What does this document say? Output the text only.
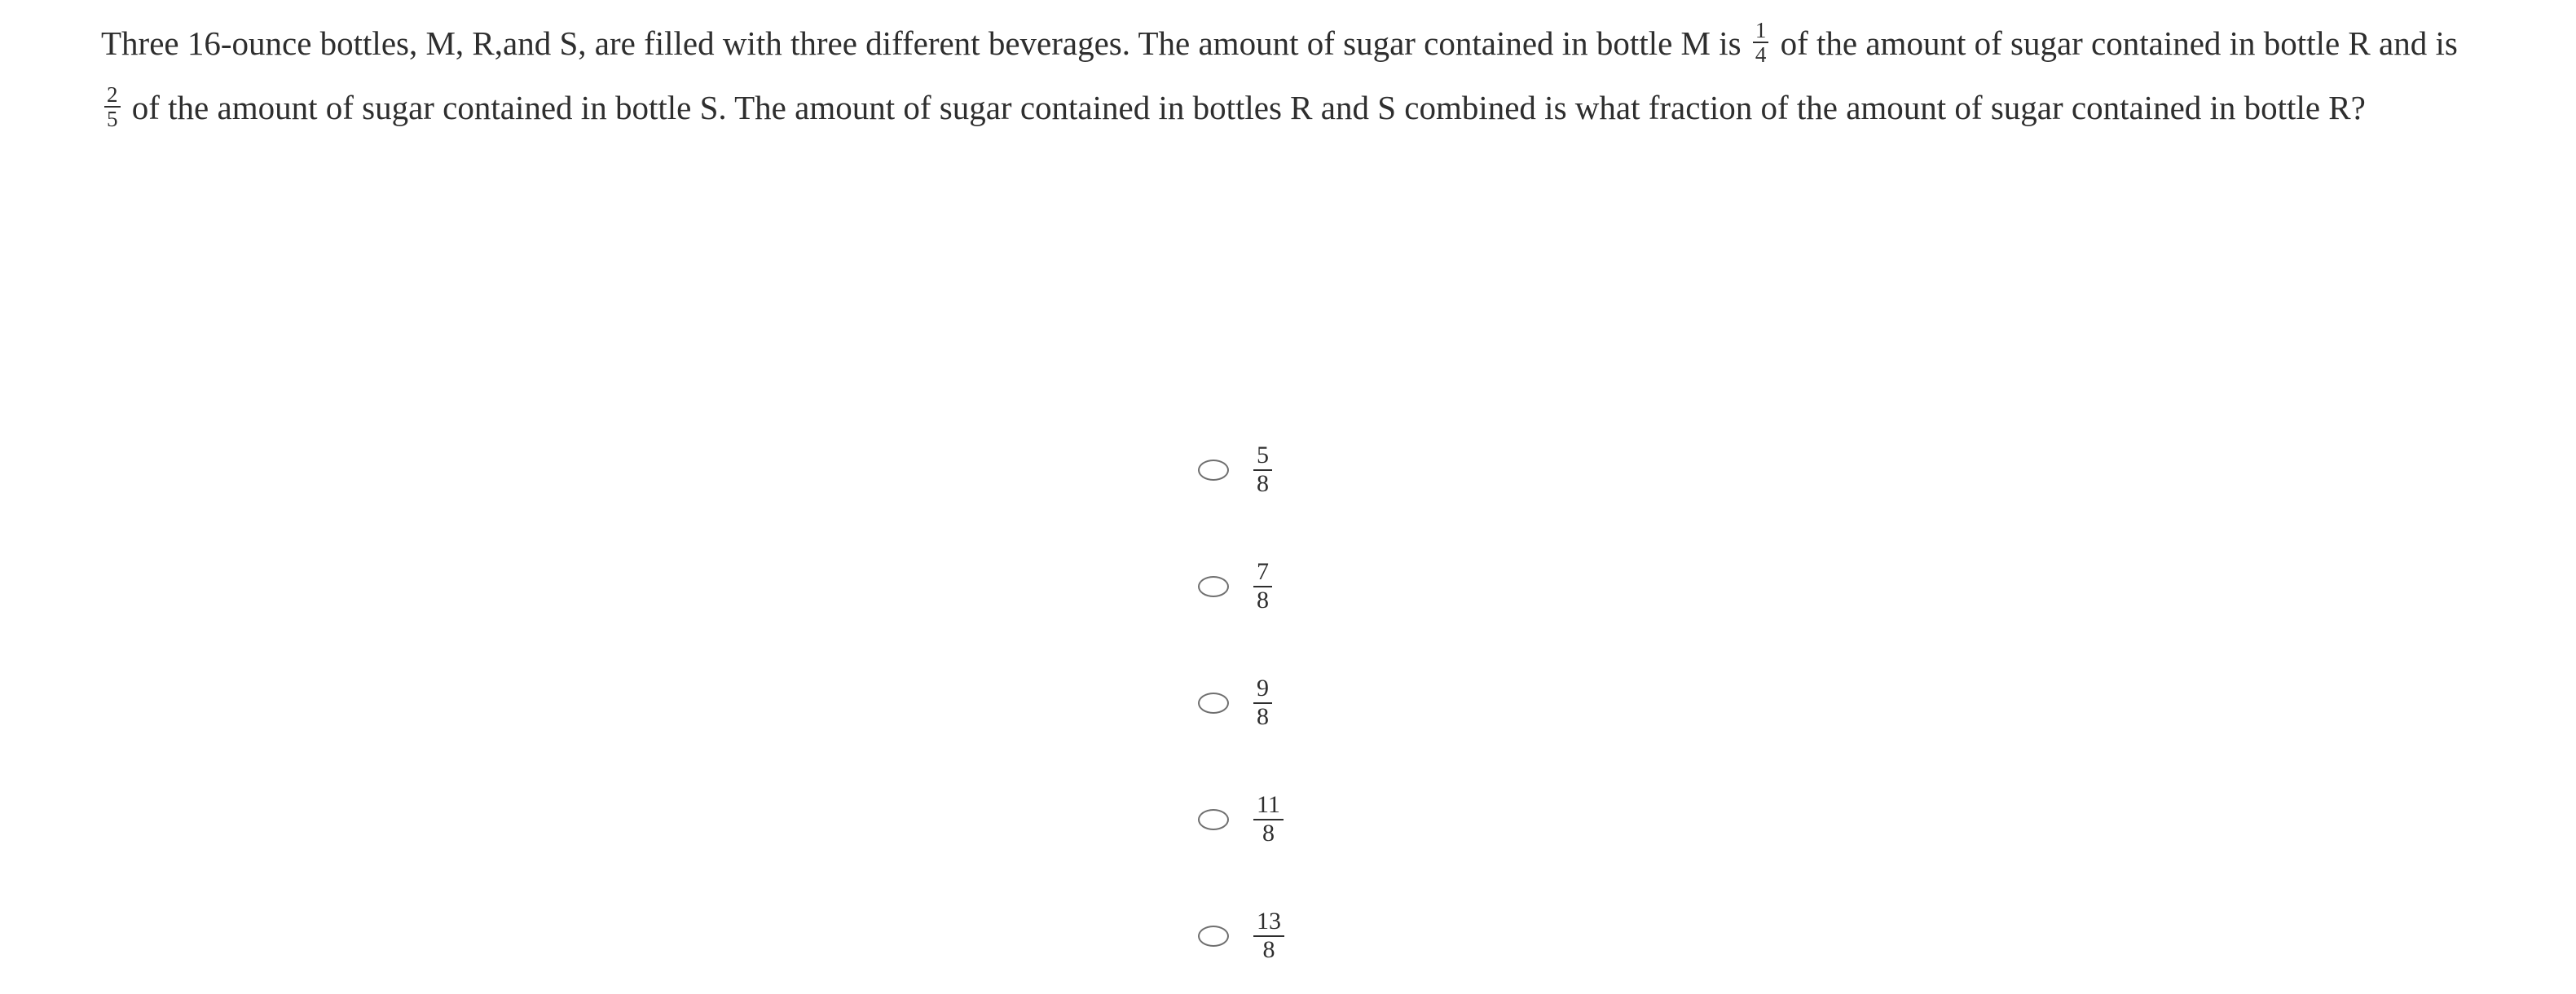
Three 16-ounce bottles, M, R,and S, are filled with three different beverages. The amount of sugar contained in bottle M is $\frac{1}{4}$ of the amount of sugar contained in bottle R and is
$\frac{2}{5}$ of the amount of sugar contained in bottle S. The amount of sugar contained in bottles R and S combined is what fraction of the amount of sugar contained in bottle R?
$\frac{5}{8}$
$\frac{7}{8}$
$\frac{9}{8}$
$\frac{11}{8}$
$\frac{13}{8}$
